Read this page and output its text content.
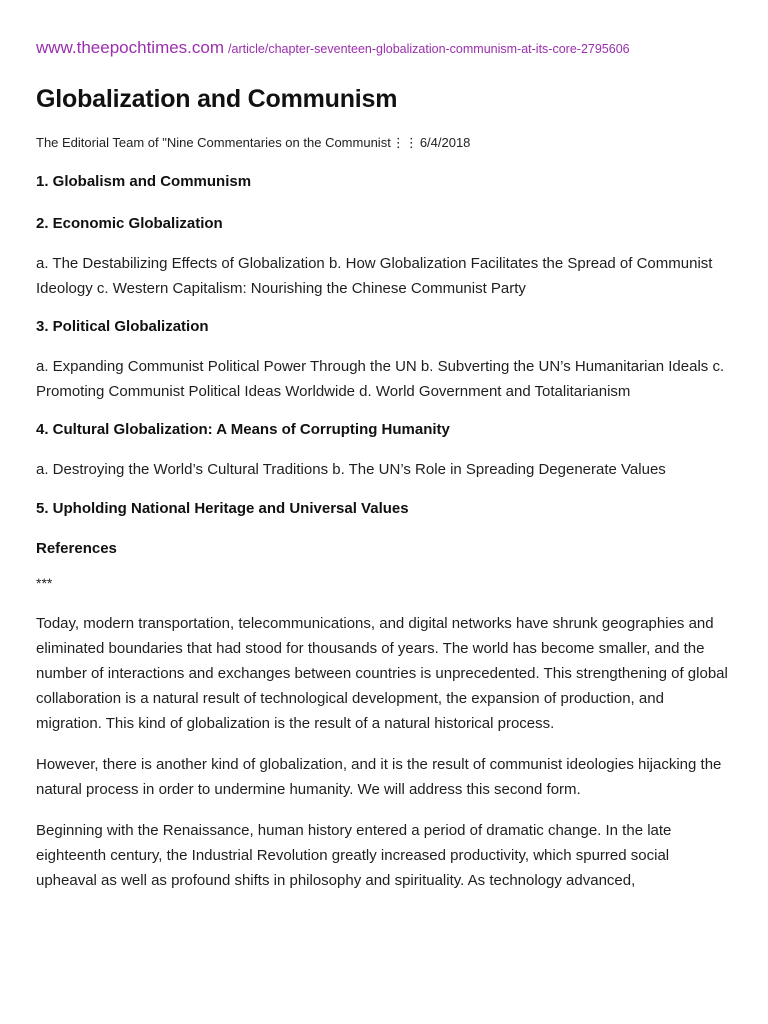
www.theepochtimes.com /article/chapter-seventeen-globalization-communism-at-its-core-2795606
Globalization and Communism

The Editorial Team of "Nine Commentaries on the Communist⋮⋮ 6/4/2018

1. Globalism and Communism

2. Economic Globalization

a. The Destabilizing Effects of Globalization b. How Globalization Facilitates the Spread of Communist Ideology c. Western Capitalism: Nourishing the Chinese Communist Party

3. Political Globalization

a. Expanding Communist Political Power Through the UN b. Subverting the UN’s Humanitarian Ideals c. Promoting Communist Political Ideas Worldwide d. World Government and Totalitarianism

4. Cultural Globalization: A Means of Corrupting Humanity

a. Destroying the World’s Cultural Traditions b. The UN’s Role in Spreading Degenerate Values

5. Upholding National Heritage and Universal Values

References

***

Today, modern transportation, telecommunications, and digital networks have shrunk geographies and eliminated boundaries that had stood for thousands of years. The world has become smaller, and the number of interactions and exchanges between countries is unprecedented. This strengthening of global collaboration is a natural result of technological development, the expansion of production, and migration. This kind of globalization is the result of a natural historical process.

However, there is another kind of globalization, and it is the result of communist ideologies hijacking the natural process in order to undermine humanity. We will address this second form.

Beginning with the Renaissance, human history entered a period of dramatic change. In the late eighteenth century, the Industrial Revolution greatly increased productivity, which spurred social upheaval as well as profound shifts in philosophy and spirituality. As technology advanced,
